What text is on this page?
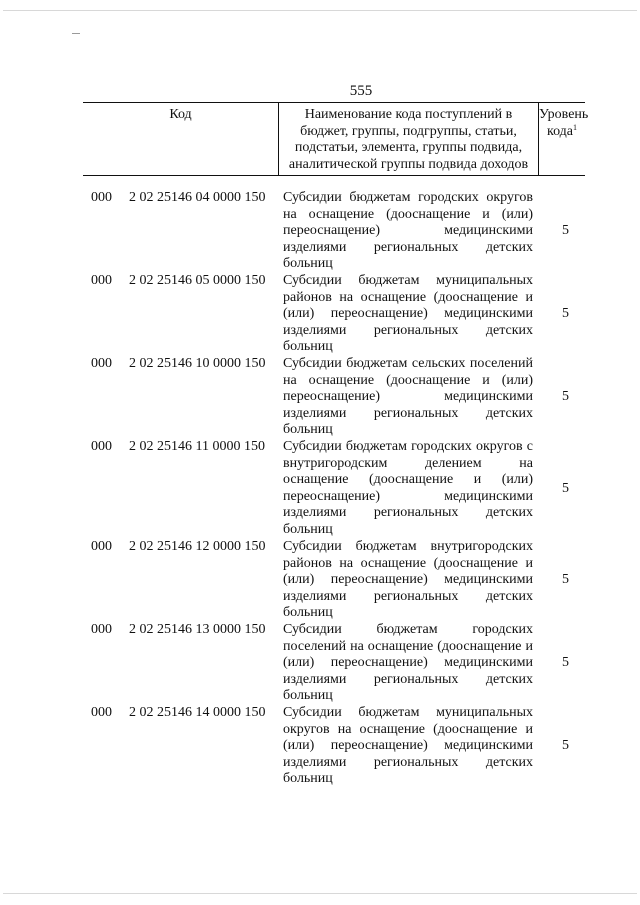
555
Код	Наименование кода поступлений в бюджет, группы, подгруппы, статьи, подстатьи, элемента, группы подвида, аналитической группы подвида доходов
Уровень кода$^1$
000 2 02 25146 04 0000 150 Субсидии бюджетам городских округов на оснащение (дооснащение и (или) переоснащение) медицинскими изделиями региональных детских больниц
5
000 2 02 25146 05 0000 150 Субсидии бюджетам муниципальных районов на оснащение (дооснащение и (или) переоснащение) медицинскими изделиями региональных детских больниц
5
000 2 02 25146 10 0000 150 Субсидии бюджетам сельских поселений на оснащение (дооснащение и (или) переоснащение) медицинскими изделиями региональных детских больниц
5
000 2 02 25146 11 0000 150 Субсидии бюджетам городских округов с внутригородским делением на оснащение (дооснащение и (или) переоснащение) медицинскими изделиями региональных детских больниц
5
000 2 02 25146 12 0000 150 Субсидии бюджетам внутригородских районов на оснащение (дооснащение и (или) переоснащение) медицинскими изделиями региональных детских больниц
5
000 2 02 25146 13 0000 150 Субсидии бюджетам городских поселений на оснащение (дооснащение и (или) переоснащение) медицинскими изделиями региональных детских больниц
5
000 2 02 25146 14 0000 150 Субсидии бюджетам муниципальных округов на оснащение (дооснащение и (или) переоснащение) медицинскими изделиями региональных детских больниц
5
